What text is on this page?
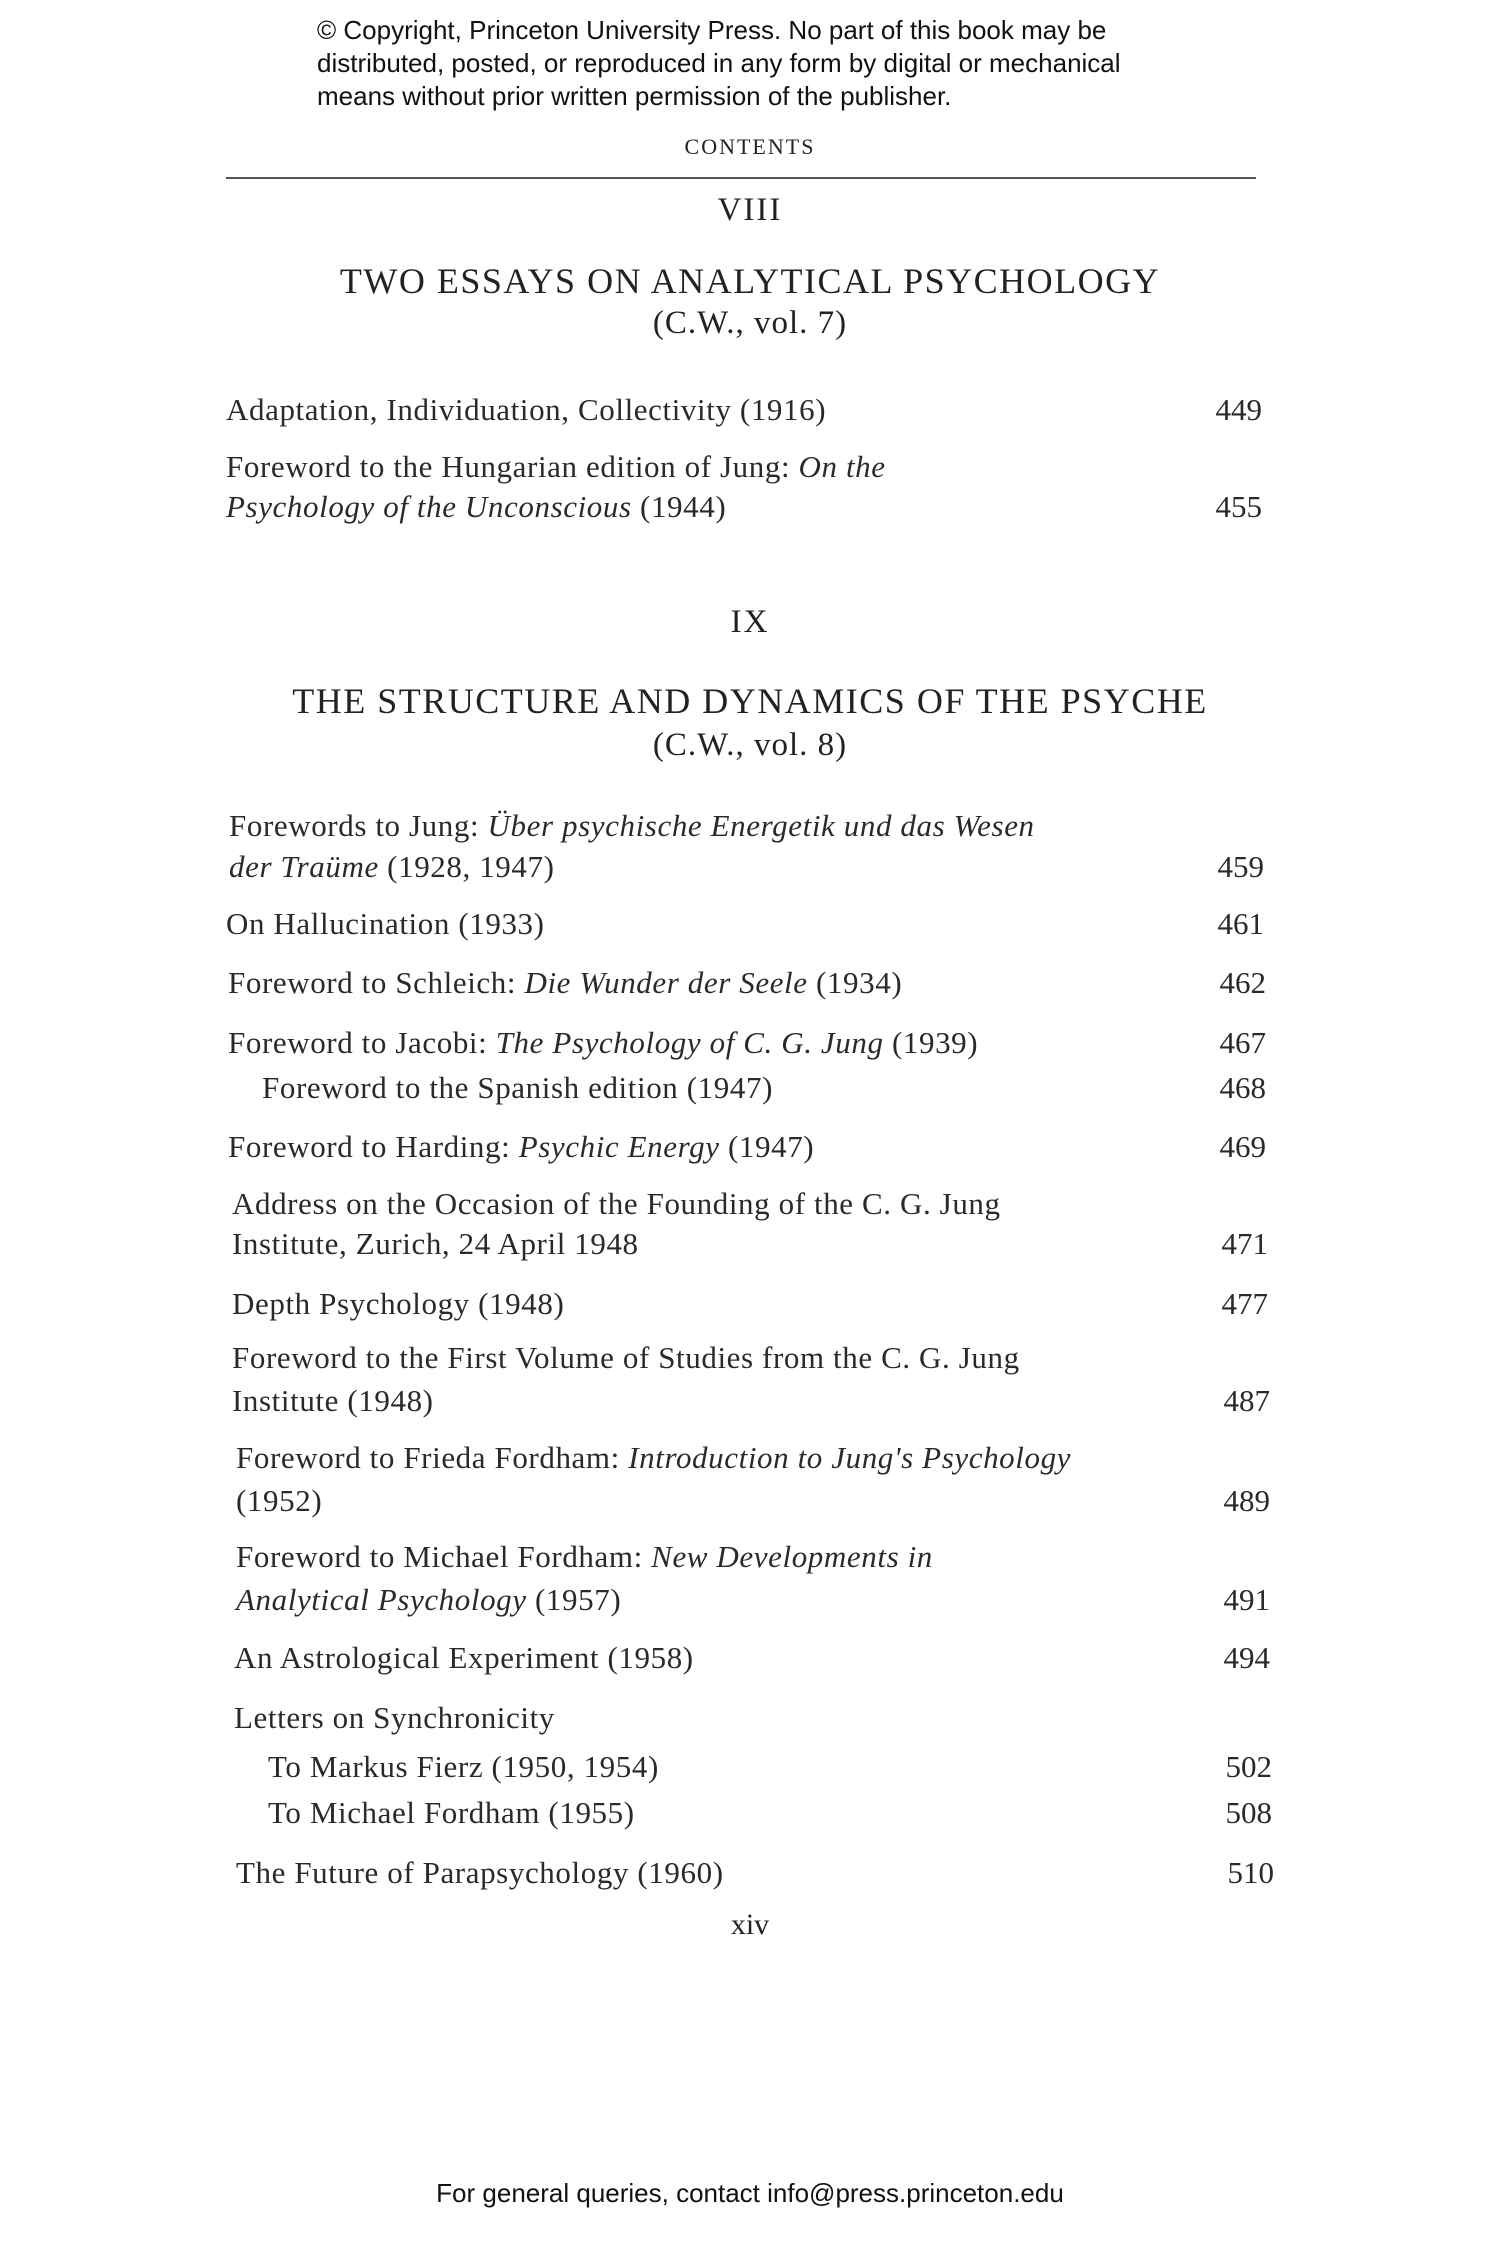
© Copyright, Princeton University Press. No part of this book may be
distributed, posted, or reproduced in any form by digital or mechanical
means without prior written permission of the publisher.
CONTENTS
VIII
TWO ESSAYS ON ANALYTICAL PSYCHOLOGY
(C.W., vol. 7)
IX
THE STRUCTURE AND DYNAMICS OF THE PSYCHE
(C.W., vol. 8)
Adaptation, Individuation, Collectivity (1916)	449
Foreword to the Hungarian edition of Jung: On the
Psychology of the Unconscious (1944)	455
Forewords to Jung: Über psychische Energetik und das Wesen
der Traüme (1928, 1947)	459
On Hallucination (1933)	461
Foreword to Schleich: Die Wunder der Seele (1934)	462
Foreword to Jacobi: The Psychology of C. G. Jung (1939)	467
Foreword to the Spanish edition (1947)	468
Foreword to Harding: Psychic Energy (1947)	469
Address on the Occasion of the Founding of the C. G. Jung
Institute, Zurich, 24 April 1948	471
Depth Psychology (1948)	477
Foreword to the First Volume of Studies from the C. G. Jung
Institute (1948)	487
Foreword to Frieda Fordham: Introduction to Jung's Psychology
(1952)	489
Foreword to Michael Fordham: New Developments in
Analytical Psychology (1957)	491
An Astrological Experiment (1958)	494
Letters on Synchronicity
To Markus Fierz (1950, 1954)	502
To Michael Fordham (1955)	508
The Future of Parapsychology (1960)	510
xiv
For general queries, contact info@press.princeton.edu
